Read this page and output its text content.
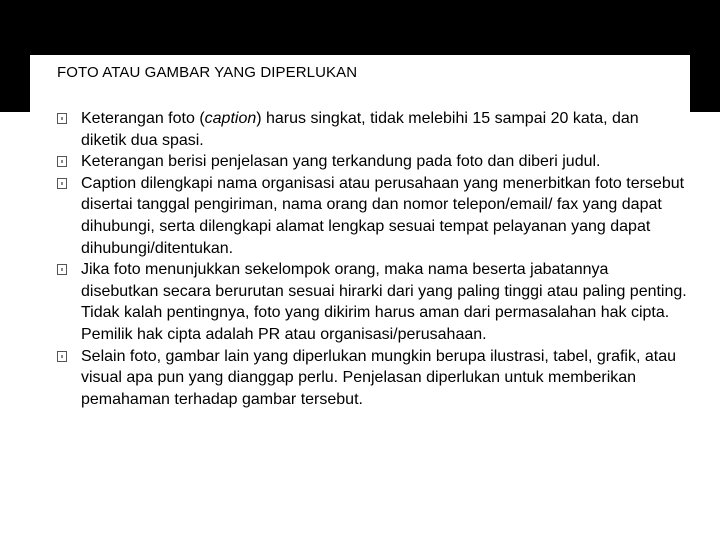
FOTO ATAU GAMBAR YANG DIPERLUKAN
Keterangan foto (caption) harus singkat, tidak melebihi 15 sampai 20 kata, dan diketik dua spasi.
Keterangan berisi penjelasan yang terkandung pada foto dan diberi judul.
Caption dilengkapi nama organisasi atau perusahaan yang menerbitkan foto tersebut disertai tanggal pengiriman, nama orang dan nomor telepon/email/ fax yang dapat dihubungi, serta dilengkapi alamat lengkap sesuai tempat pelayanan yang dapat dihubungi/ditentukan.
Jika foto menunjukkan sekelompok orang, maka nama beserta jabatannya disebutkan secara berurutan sesuai hirarki dari yang paling tinggi atau paling penting. Tidak kalah pentingnya, foto yang dikirim harus aman dari permasalahan hak cipta. Pemilik hak cipta adalah PR atau organisasi/perusahaan.
Selain foto, gambar lain yang diperlukan mungkin berupa ilustrasi, tabel, grafik, atau visual apa pun yang dianggap perlu. Penjelasan diperlukan untuk memberikan pemahaman terhadap gambar tersebut.
